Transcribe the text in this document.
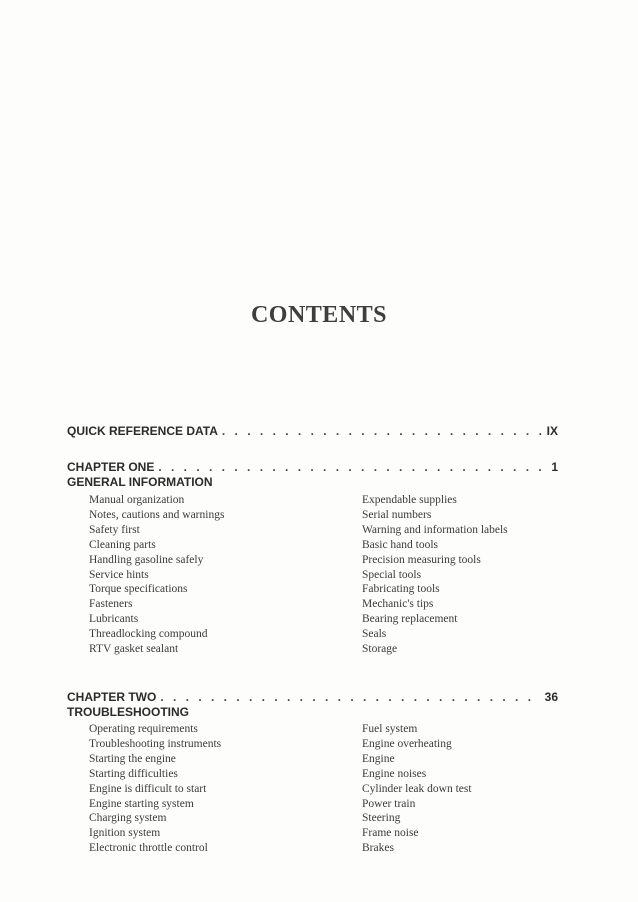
CONTENTS
QUICK REFERENCE DATA . . .	IX
CHAPTER ONE . . .	1
GENERAL INFORMATION
Manual organization
Notes, cautions and warnings
Safety first
Cleaning parts
Handling gasoline safely
Service hints
Torque specifications
Fasteners
Lubricants
Threadlocking compound
RTV gasket sealant
Expendable supplies
Serial numbers
Warning and information labels
Basic hand tools
Precision measuring tools
Special tools
Fabricating tools
Mechanic's tips
Bearing replacement
Seals
Storage
CHAPTER TWO . . .	36
TROUBLESHOOTING
Operating requirements
Troubleshooting instruments
Starting the engine
Starting difficulties
Engine is difficult to start
Engine starting system
Charging system
Ignition system
Electronic throttle control
Fuel system
Engine overheating
Engine
Engine noises
Cylinder leak down test
Power train
Steering
Frame noise
Brakes
